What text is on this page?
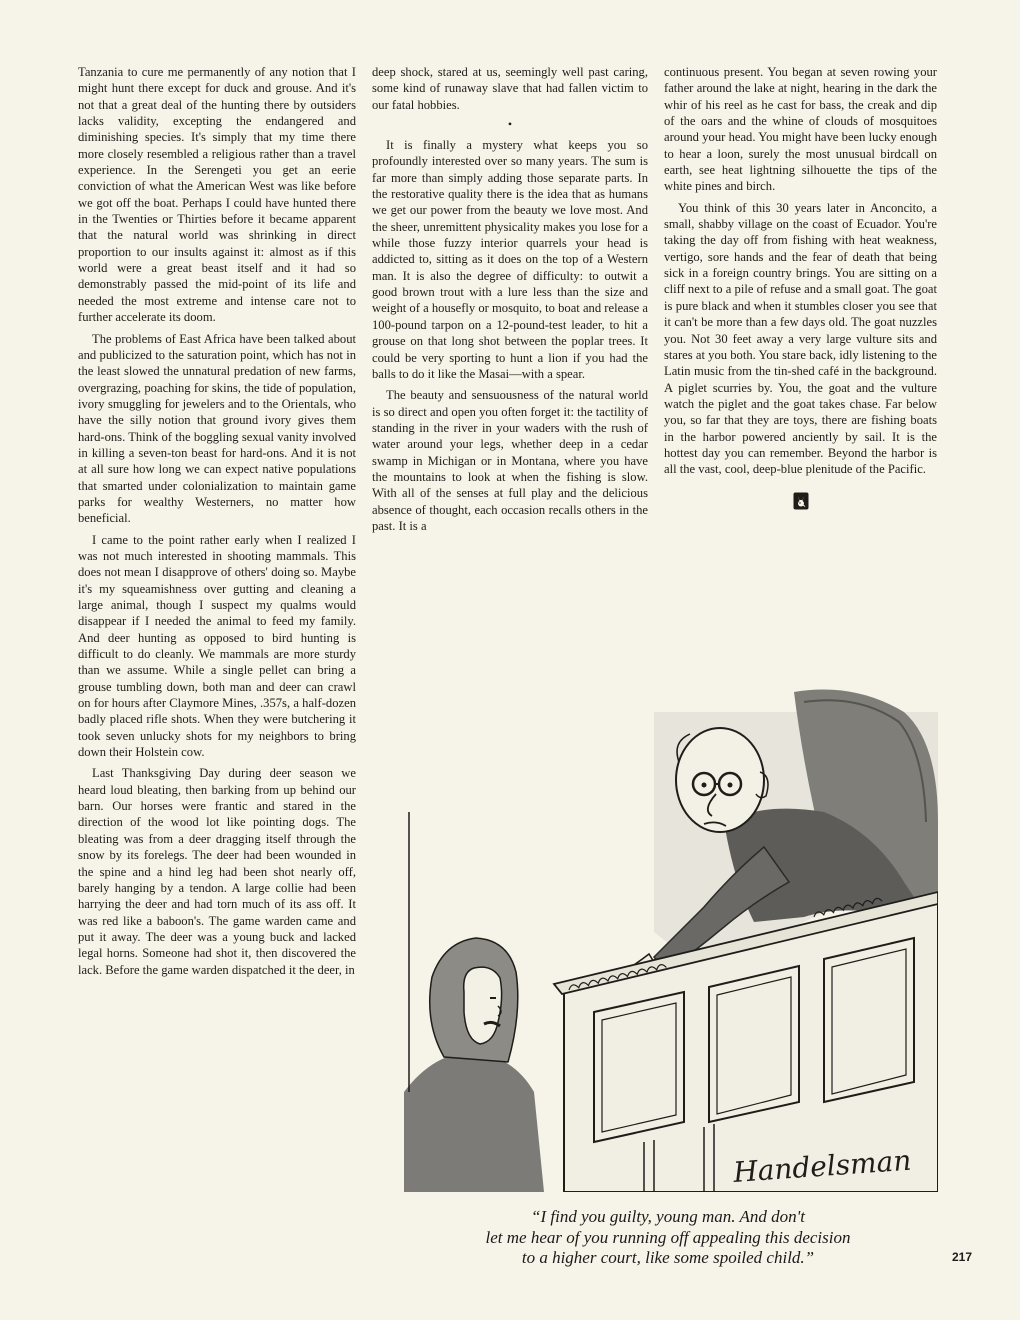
Tanzania to cure me permanently of any notion that I might hunt there except for duck and grouse. And it's not that a great deal of the hunting there by outsiders lacks validity, excepting the endangered and diminishing species. It's simply that my time there more closely resembled a religious rather than a travel experience. In the Serengeti you get an eerie conviction of what the American West was like before we got off the boat. Perhaps I could have hunted there in the Twenties or Thirties before it became apparent that the natural world was shrinking in direct proportion to our insults against it: almost as if this world were a great beast itself and it had so demonstrably passed the mid-point of its life and needed the most extreme and intense care not to further accelerate its doom.

The problems of East Africa have been talked about and publicized to the saturation point, which has not in the least slowed the unnatural predation of new farms, overgrazing, poaching for skins, the tide of population, ivory smuggling for jewelers and to the Orientals, who have the silly notion that ground ivory gives them hard-ons. Think of the boggling sexual vanity involved in killing a seven-ton beast for hard-ons. And it is not at all sure how long we can expect native populations that smarted under colonialization to maintain game parks for wealthy Westerners, no matter how beneficial.

I came to the point rather early when I realized I was not much interested in shooting mammals. This does not mean I disapprove of others' doing so. Maybe it's my squeamishness over gutting and cleaning a large animal, though I suspect my qualms would disappear if I needed the animal to feed my family. And deer hunting as opposed to bird hunting is difficult to do cleanly. We mammals are more sturdy than we assume. While a single pellet can bring a grouse tumbling down, both man and deer can crawl on for hours after Claymore Mines, .357s, a half-dozen badly placed rifle shots. When they were butchering it took seven unlucky shots for my neighbors to bring down their Holstein cow.

Last Thanksgiving Day during deer season we heard loud bleating, then barking from up behind our barn. Our horses were frantic and stared in the direction of the wood lot like pointing dogs. The bleating was from a deer dragging itself through the snow by its forelegs. The deer had been wounded in the spine and a hind leg had been shot nearly off, barely hanging by a tendon. A large collie had been harrying the deer and had torn much of its ass off. It was red like a baboon's. The game warden came and put it away. The deer was a young buck and lacked legal horns. Someone had shot it, then discovered the lack. Before the game warden dispatched it the deer, in

deep shock, stared at us, seemingly well past caring, some kind of runaway slave that had fallen victim to our fatal hobbies.

•

It is finally a mystery what keeps you so profoundly interested over so many years. The sum is far more than simply adding those separate parts. In the restorative quality there is the idea that as humans we get our power from the beauty we love most. And the sheer, unremittent physicality makes you lose for a while those fuzzy interior quarrels your head is addicted to, sitting as it does on the top of a Western man. It is also the degree of difficulty: to outwit a good brown trout with a lure less than the size and weight of a housefly or mosquito, to boat and release a 100-pound tarpon on a 12-pound-test leader, to hit a grouse on that long shot between the poplar trees. It could be very sporting to hunt a lion if you had the balls to do it like the Masai—with a spear.

The beauty and sensuousness of the natural world is so direct and open you often forget it: the tactility of standing in the river in your waders with the rush of water around your legs, whether deep in a cedar swamp in Michigan or in Montana, where you have the mountains to look at when the fishing is slow. With all of the senses at full play and the delicious absence of thought, each occasion recalls others in the past. It is a

continuous present. You began at seven rowing your father around the lake at night, hearing in the dark the whir of his reel as he cast for bass, the creak and dip of the oars and the whine of clouds of mosquitoes around your head. You might have been lucky enough to hear a loon, surely the most unusual birdcall on earth, see heat lightning silhouette the tips of the white pines and birch.

You think of this 30 years later in Anconcito, a small, shabby village on the coast of Ecuador. You're taking the day off from fishing with heat weakness, vertigo, sore hands and the fear of death that being sick in a foreign country brings. You are sitting on a cliff next to a pile of refuse and a small goat. The goat is pure black and when it stumbles closer you see that it can't be more than a few days old. The goat nuzzles you. Not 30 feet away a very large vulture sits and stares at you both. You stare back, idly listening to the Latin music from the tin-shed café in the background. A piglet scurries by. You, the goat and the vulture watch the piglet and the goat takes chase. Far below you, so far that they are toys, there are fishing boats in the harbor powered anciently by sail. It is the hottest day you can remember. Beyond the harbor is all the vast, cool, deep-blue plenitude of the Pacific.

Handelsman
“I find you guilty, young man. And don't
let me hear of you running off appealing this decision
to a higher court, like some spoiled child.”	217
